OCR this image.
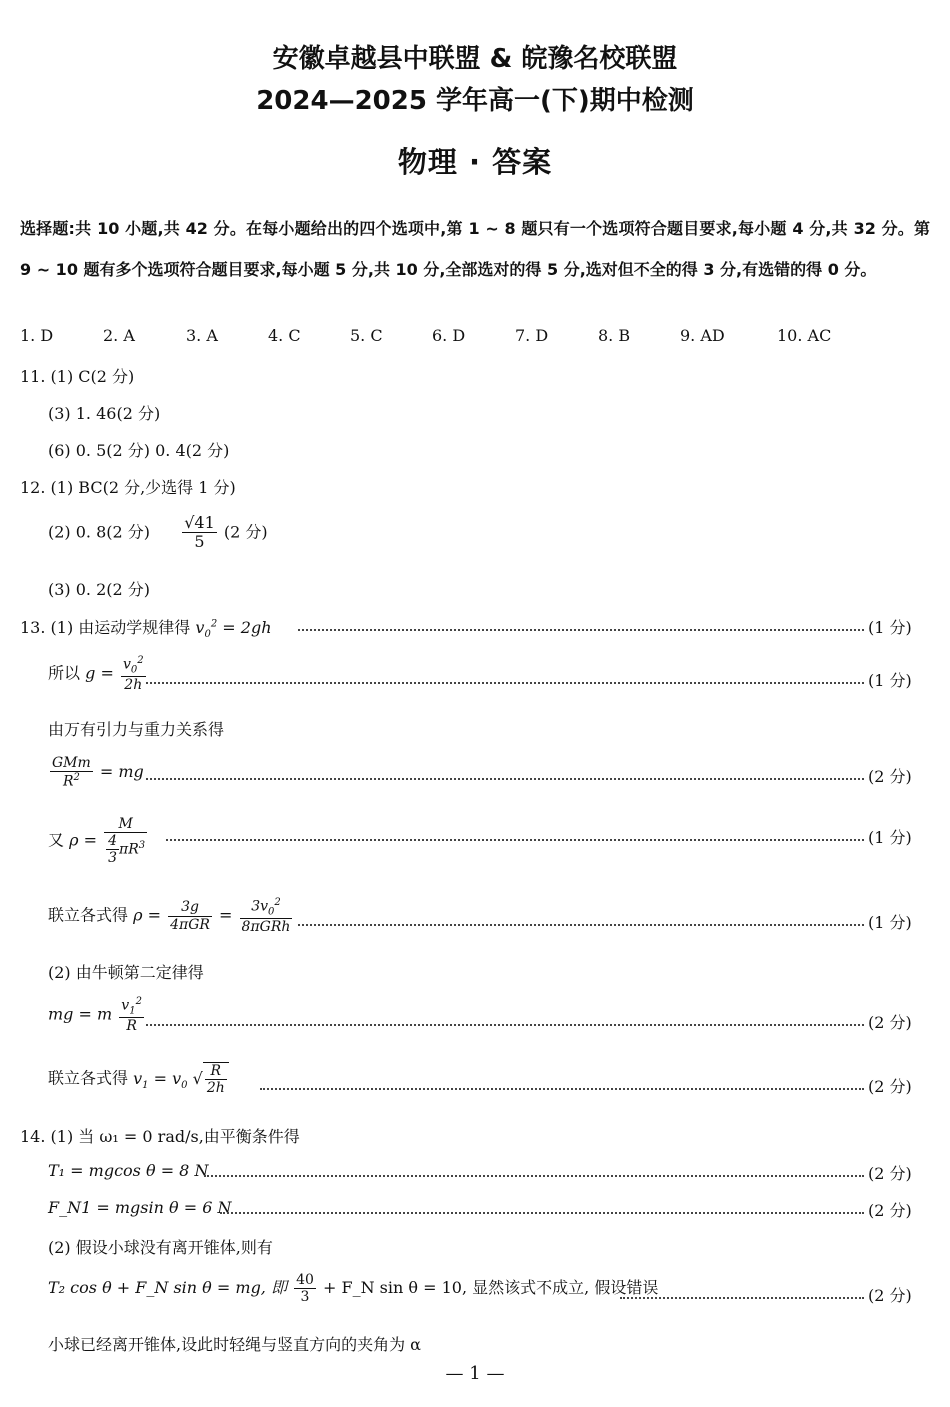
安徽卓越县中联盟 & 皖豫名校联盟
2024—2025 学年高一(下)期中检测
物理 · 答案
选择题:共 10 小题,共 42 分。在每小题给出的四个选项中,第 1 ~ 8 题只有一个选项符合题目要求,每小题 4 分,共 32 分。第 9 ~ 10 题有多个选项符合题目要求,每小题 5 分,共 10 分,全部选对的得 5 分,选对但不全的得 3 分,有选错的得 0 分。
1. D	2. A	3. A	4. C	5. C	6. D	7. D	8. B	9. AD	10. AC
11. (1) C(2 分)
(3) 1. 46(2 分)
(6) 0. 5(2 分) 0. 4(2 分)
12. (1) BC(2 分,少选得 1 分)
(2) 0. 8(2 分) $\frac{√41}{5} (2$ 分)
(3) 0. 2(2 分)
13. (1) 由运动学规律得 $v_0^2 = 2gh$	(1 分)
所以 $g = \frac{v_0^2}{2h}$	(1 分)
由万有引力与重力关系得
$\frac{\text{GMm}}{R^2}$ = mg	(2 分)
又 $\rho = \frac{M}{\frac{4}{3} \pi R^3}$	(1 分)
联立各式得 $\rho = \frac{3g}{\text{4πGR}} = \frac{3v_0^2}{\text{8πGRh}}$	(1 分)
(2) 由牛顿第二定律得
mg = m $\frac{v_1^2}{R}$	(2 分)
联立各式得 $v_1 = v_0$ √ $\frac{R}{2h}$	(2 分)
14. (1) 当 ω₁ = 0 rad/s,由平衡条件得
T₁ = mgcos θ = 8 N	(2 分)
F_N1 = mgsin θ = 6 N	(2 分)
(2) 假设小球没有离开锥体,则有
T₂ cos θ + F_N sin θ = mg, 即 $\frac{40}{3}$ + F_N sin θ = 10, 显然该式不成立, 假设错误	(2 分)
小球已经离开锥体,设此时轻绳与竖直方向的夹角为 α
— 1 —
